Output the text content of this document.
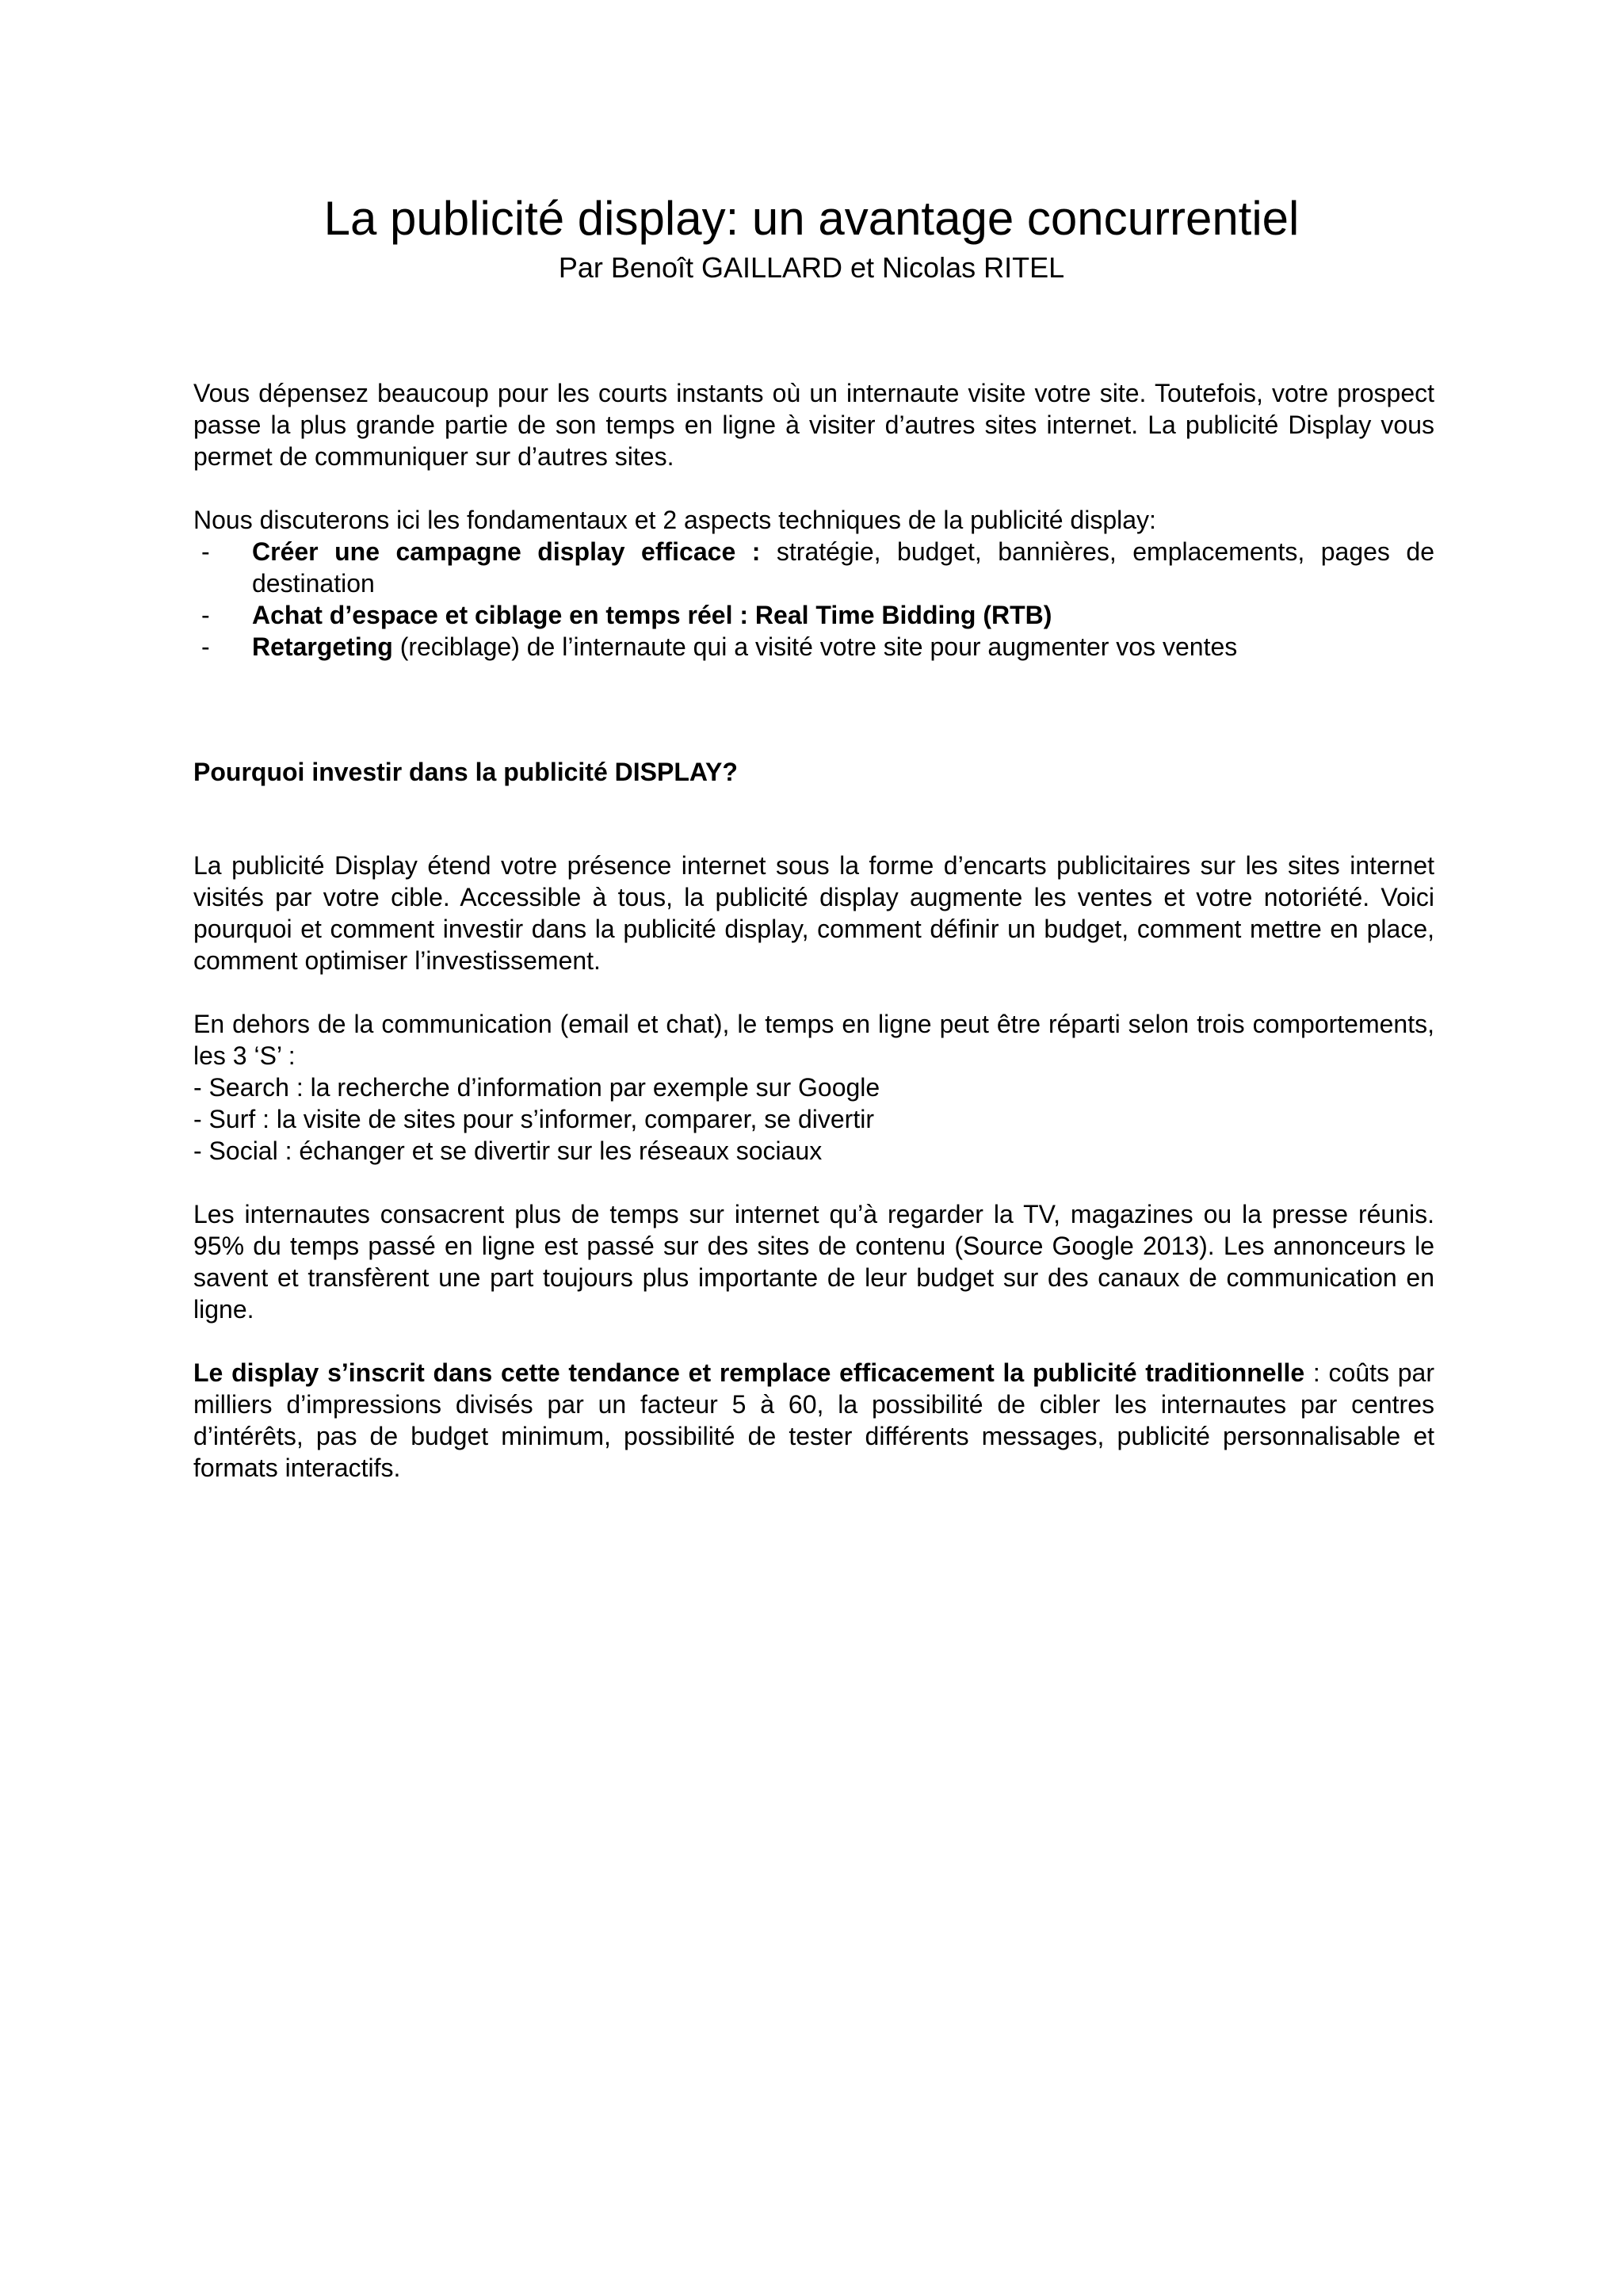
La publicité display: un avantage concurrentiel
Par Benoît GAILLARD et Nicolas RITEL

Vous dépensez beaucoup pour les courts instants où un internaute visite votre site. Toutefois, votre prospect passe la plus grande partie de son temps en ligne à visiter d’autres sites internet. La publicité Display vous permet de communiquer sur d’autres sites.

Nous discuterons ici les fondamentaux et 2 aspects techniques de la publicité display:

- Créer une campagne display efficace : stratégie, budget, bannières, emplacements, pages de destination
- Achat d’espace et ciblage en temps réel : Real Time Bidding (RTB)
- Retargeting (reciblage) de l’internaute qui a visité votre site pour augmenter vos ventes

Pourquoi investir dans la publicité DISPLAY?

La publicité Display étend votre présence internet sous la forme d’encarts publicitaires sur les sites internet visités par votre cible. Accessible à tous, la publicité display augmente les ventes et votre notoriété. Voici pourquoi et comment investir dans la publicité display, comment définir un budget, comment mettre en place, comment optimiser l’investissement.

En dehors de la communication (email et chat), le temps en ligne peut être réparti selon trois comportements, les 3 ‘S’ :

- Search : la recherche d’information par exemple sur Google
- Surf : la visite de sites pour s’informer, comparer, se divertir
- Social : échanger et se divertir sur les réseaux sociaux

Les internautes consacrent plus de temps sur internet qu’à regarder la TV, magazines ou la presse réunis. 95% du temps passé en ligne est passé sur des sites de contenu (Source Google 2013). Les annonceurs le savent et transfèrent une part toujours plus importante de leur budget sur des canaux de communication en ligne.

Le display s’inscrit dans cette tendance et remplace efficacement la publicité traditionnelle : coûts par milliers d’impressions divisés par un facteur 5 à 60, la possibilité de cibler les internautes par centres d’intérêts, pas de budget minimum, possibilité de tester différents messages, publicité personnalisable et formats interactifs.
